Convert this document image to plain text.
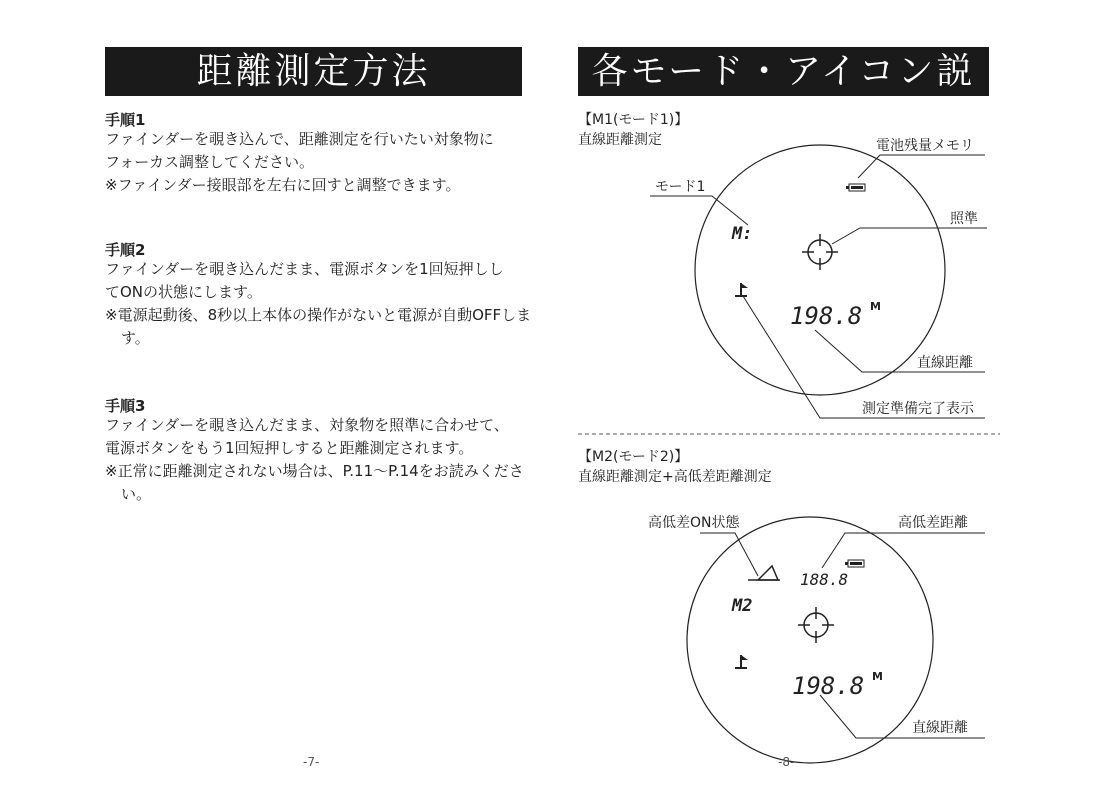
距離測定方法
手順1
ファインダーを覗き込んで、距離測定を行いたい対象物に
フォーカス調整してください。
※ファインダー接眼部を左右に回すと調整できます。
手順2
ファインダーを覗き込んだまま、電源ボタンを1回短押しし
てONの状態にします。
※電源起動後、8秒以上本体の操作がないと電源が自動OFFします。
手順3
ファインダーを覗き込んだまま、対象物を照準に合わせて、
電源ボタンをもう1回短押しすると距離測定されます。
※正常に距離測定されない場合は、P.11〜P.14をお読みください。
-7-
各モード・アイコン説明
【M1(モード1)】
直線距離測定	電池残量メモリ
モード1
照準
直線距離
測定準備完了表示
M:
198.8 M
【M2(モード2)】
直線距離測定+高低差距離測定
高低差ON状態	高低差距離
188.8
M2
198.8 M
直線距離
-8-
